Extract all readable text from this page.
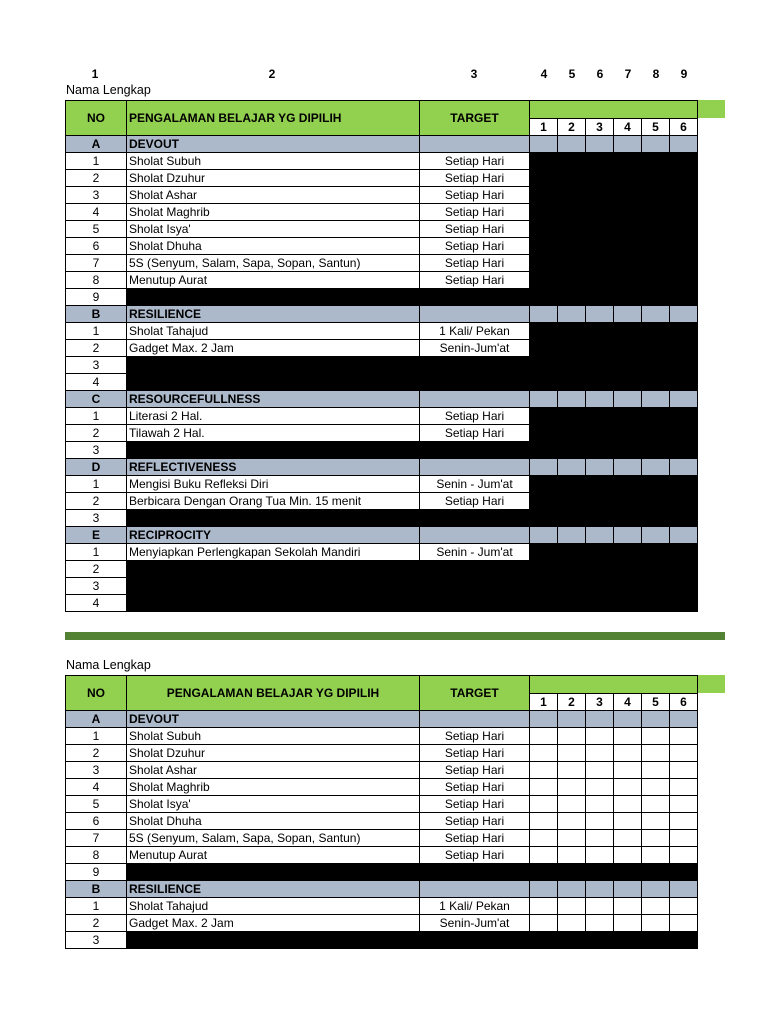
1	2	3	4	5	6	7	8	9
Nama Lengkap
NO	PENGALAMAN BELAJAR YG DIPILIH	TARGET						
			1	2	3	4	5	6
A	DEVOUT							
1	Sholat Subuh	Setiap Hari						
2	Sholat Dzuhur	Setiap Hari						
3	Sholat Ashar	Setiap Hari						
4	Sholat Maghrib	Setiap Hari						
5	Sholat Isya'	Setiap Hari						
6	Sholat Dhuha	Setiap Hari						
7	5S (Senyum, Salam, Sapa, Sopan, Santun)	Setiap Hari						
8	Menutup Aurat	Setiap Hari						
9								
B	RESILIENCE							
1	Sholat Tahajud	1 Kali/ Pekan						
2	Gadget Max. 2 Jam	Senin-Jum'at						
3								
4								
C	RESOURCEFULLNESS							
1	Literasi 2 Hal.	Setiap Hari						
2	Tilawah 2 Hal.	Setiap Hari						
3								
D	REFLECTIVENESS							
1	Mengisi Buku Refleksi Diri	Senin - Jum'at						
2	Berbicara Dengan Orang Tua Min. 15 menit	Setiap Hari						
3								
E	RECIPROCITY							
1	Menyiapkan Perlengkapan Sekolah Mandiri	Senin - Jum'at						
2								
3								
4								
Nama Lengkap
NO	PENGALAMAN BELAJAR YG DIPILIH	TARGET						
			1	2	3	4	5	6
A	DEVOUT							
1	Sholat Subuh	Setiap Hari						
2	Sholat Dzuhur	Setiap Hari						
3	Sholat Ashar	Setiap Hari						
4	Sholat Maghrib	Setiap Hari						
5	Sholat Isya'	Setiap Hari						
6	Sholat Dhuha	Setiap Hari						
7	5S (Senyum, Salam, Sapa, Sopan, Santun)	Setiap Hari						
8	Menutup Aurat	Setiap Hari						
9								
B	RESILIENCE							
1	Sholat Tahajud	1 Kali/ Pekan						
2	Gadget Max. 2 Jam	Senin-Jum'at						
3								
